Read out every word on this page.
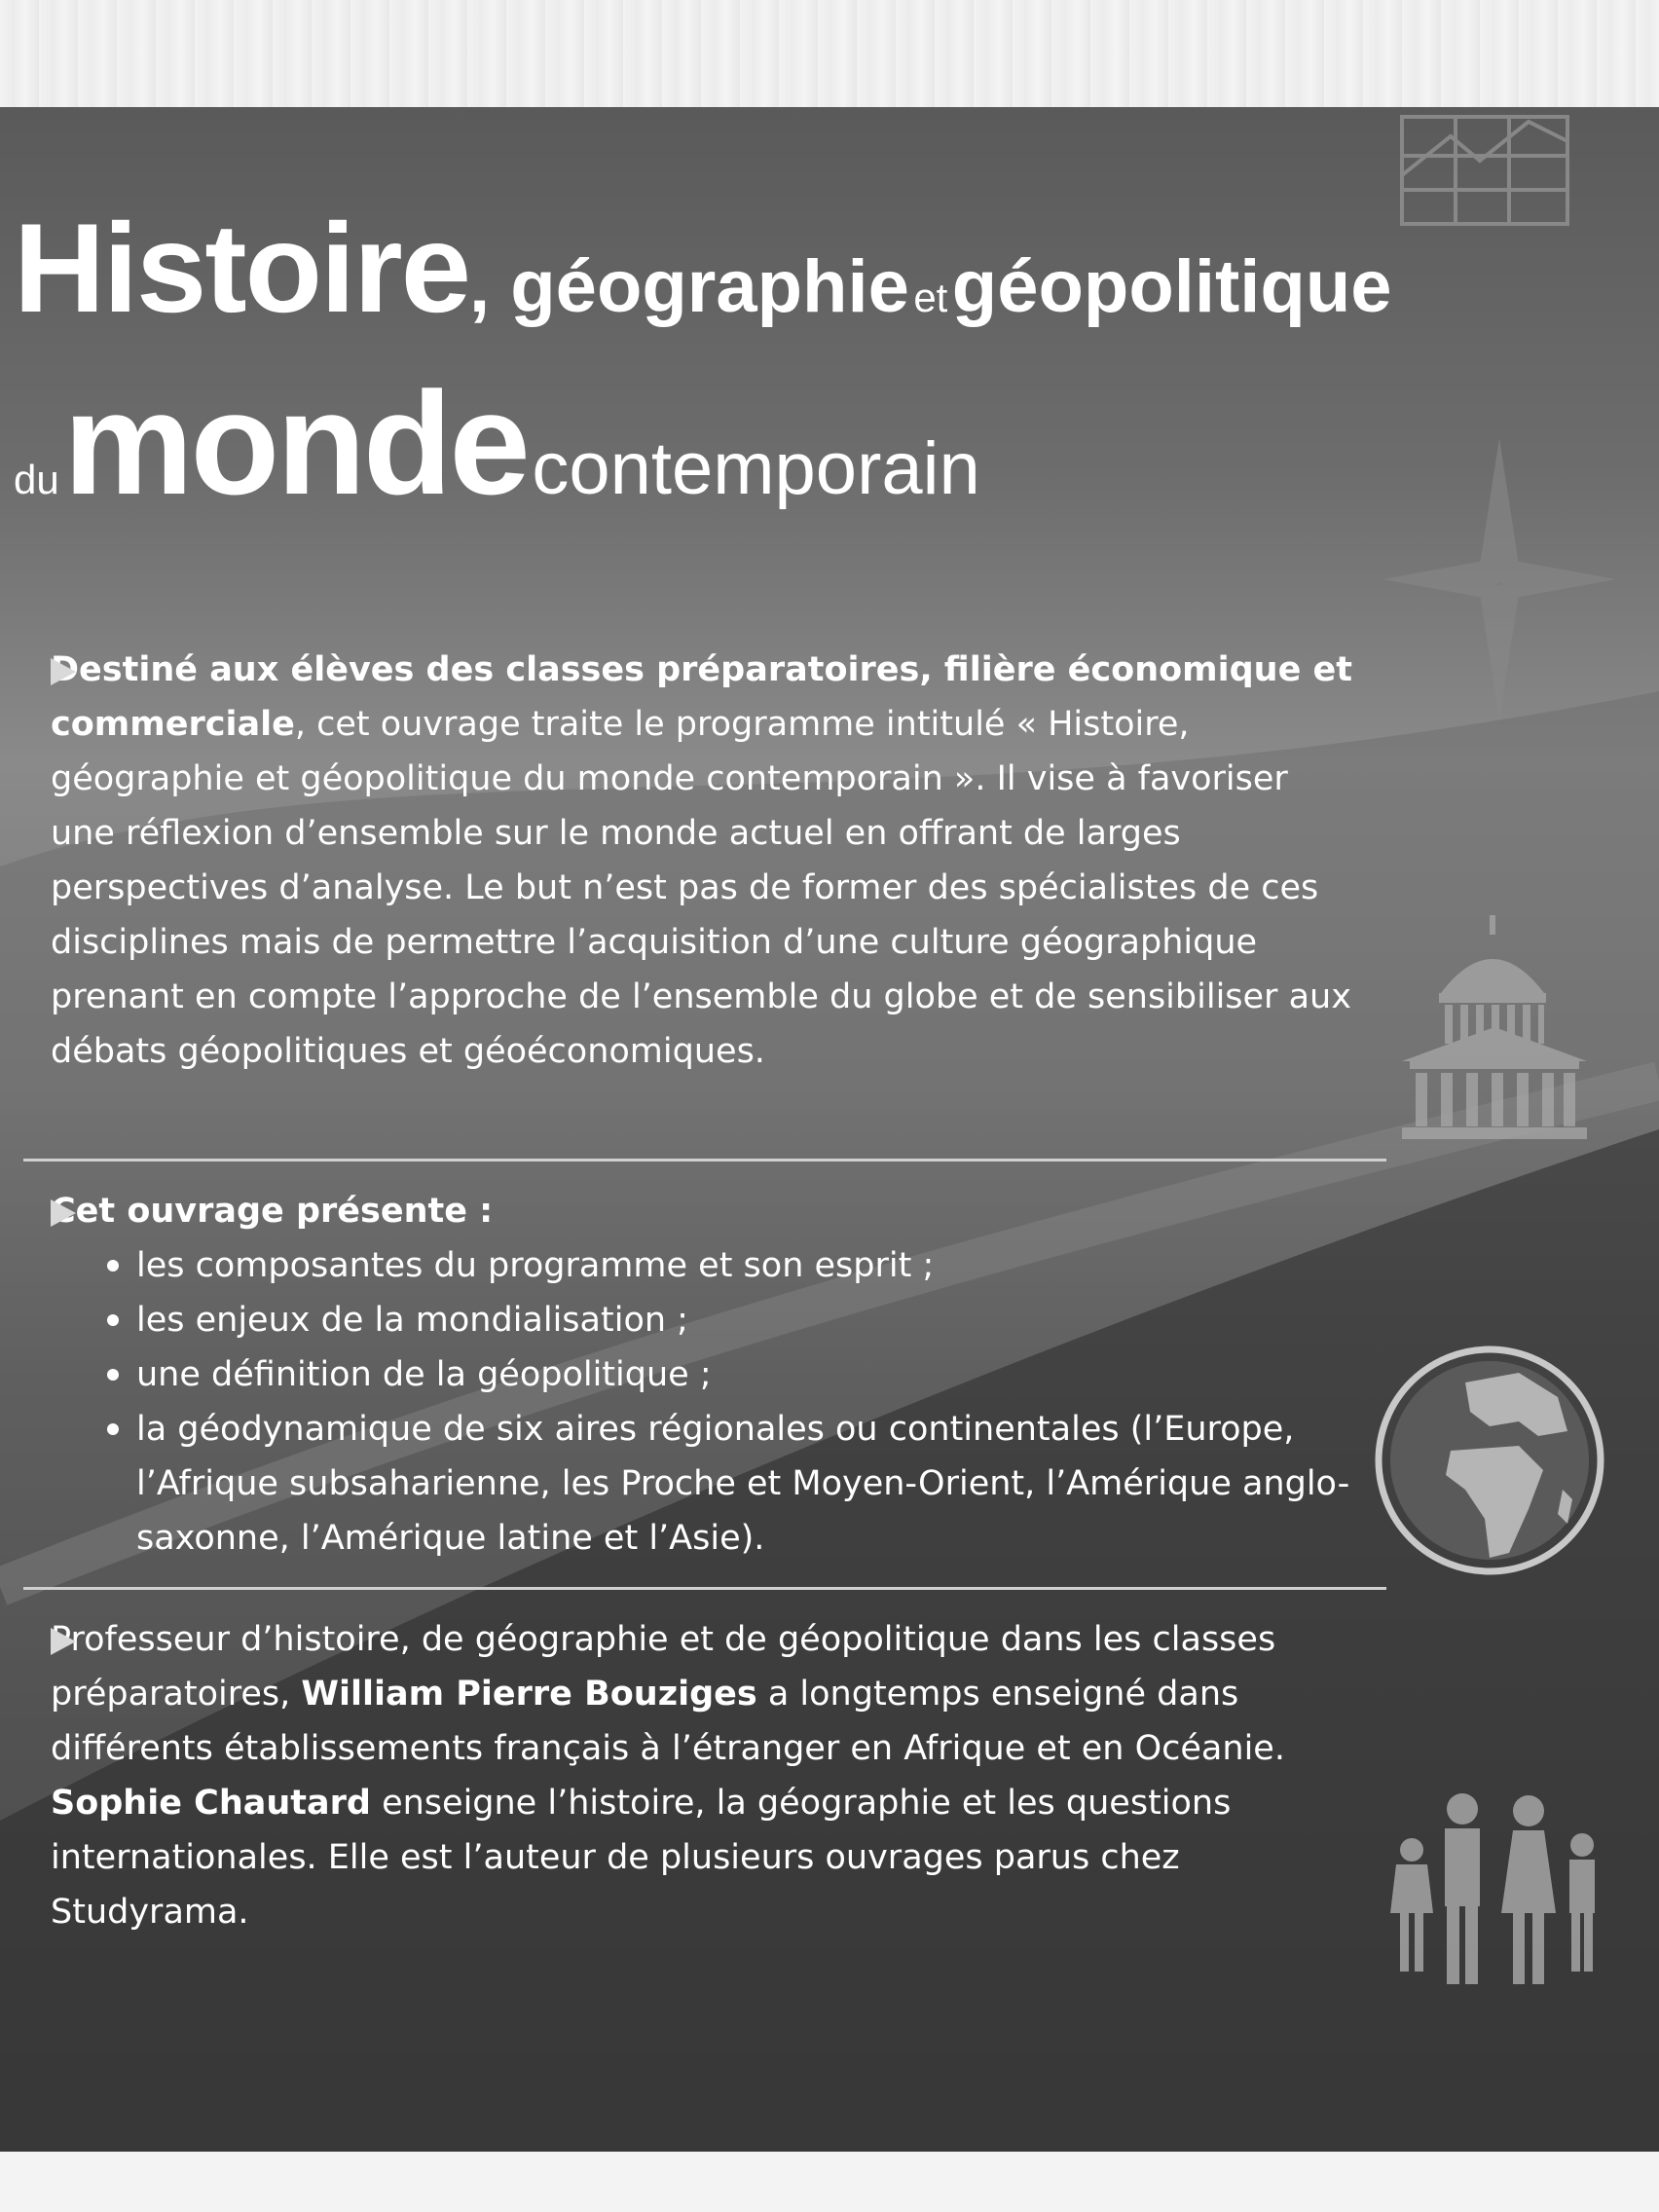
Histoire, géographie et géopolitique
du monde contemporain

Destiné aux élèves des classes préparatoires, filière économique et commerciale, cet ouvrage traite le programme intitulé « Histoire, géographie et géopolitique du monde contemporain ». Il vise à favoriser une réflexion d’ensemble sur le monde actuel en offrant de larges perspectives d’analyse. Le but n’est pas de former des spécialistes de ces disciplines mais de permettre l’acquisition d’une culture géographique prenant en compte l’approche de l’ensemble du globe et de sensibiliser aux débats géopolitiques et géoéconomiques.

Cet ouvrage présente :

les composantes du programme et son esprit ;
les enjeux de la mondialisation ;
une définition de la géopolitique ;
la géodynamique de six aires régionales ou continentales (l’Europe, l’Afrique subsaharienne, les Proche et Moyen-Orient, l’Amérique anglo-saxonne, l’Amérique latine et l’Asie).

Professeur d’histoire, de géographie et de géopolitique dans les classes préparatoires, William Pierre Bouziges a longtemps enseigné dans différents établissements français à l’étranger en Afrique et en Océanie.

Sophie Chautard enseigne l’histoire, la géographie et les questions internationales. Elle est l’auteur de plusieurs ouvrages parus chez Studyrama.
